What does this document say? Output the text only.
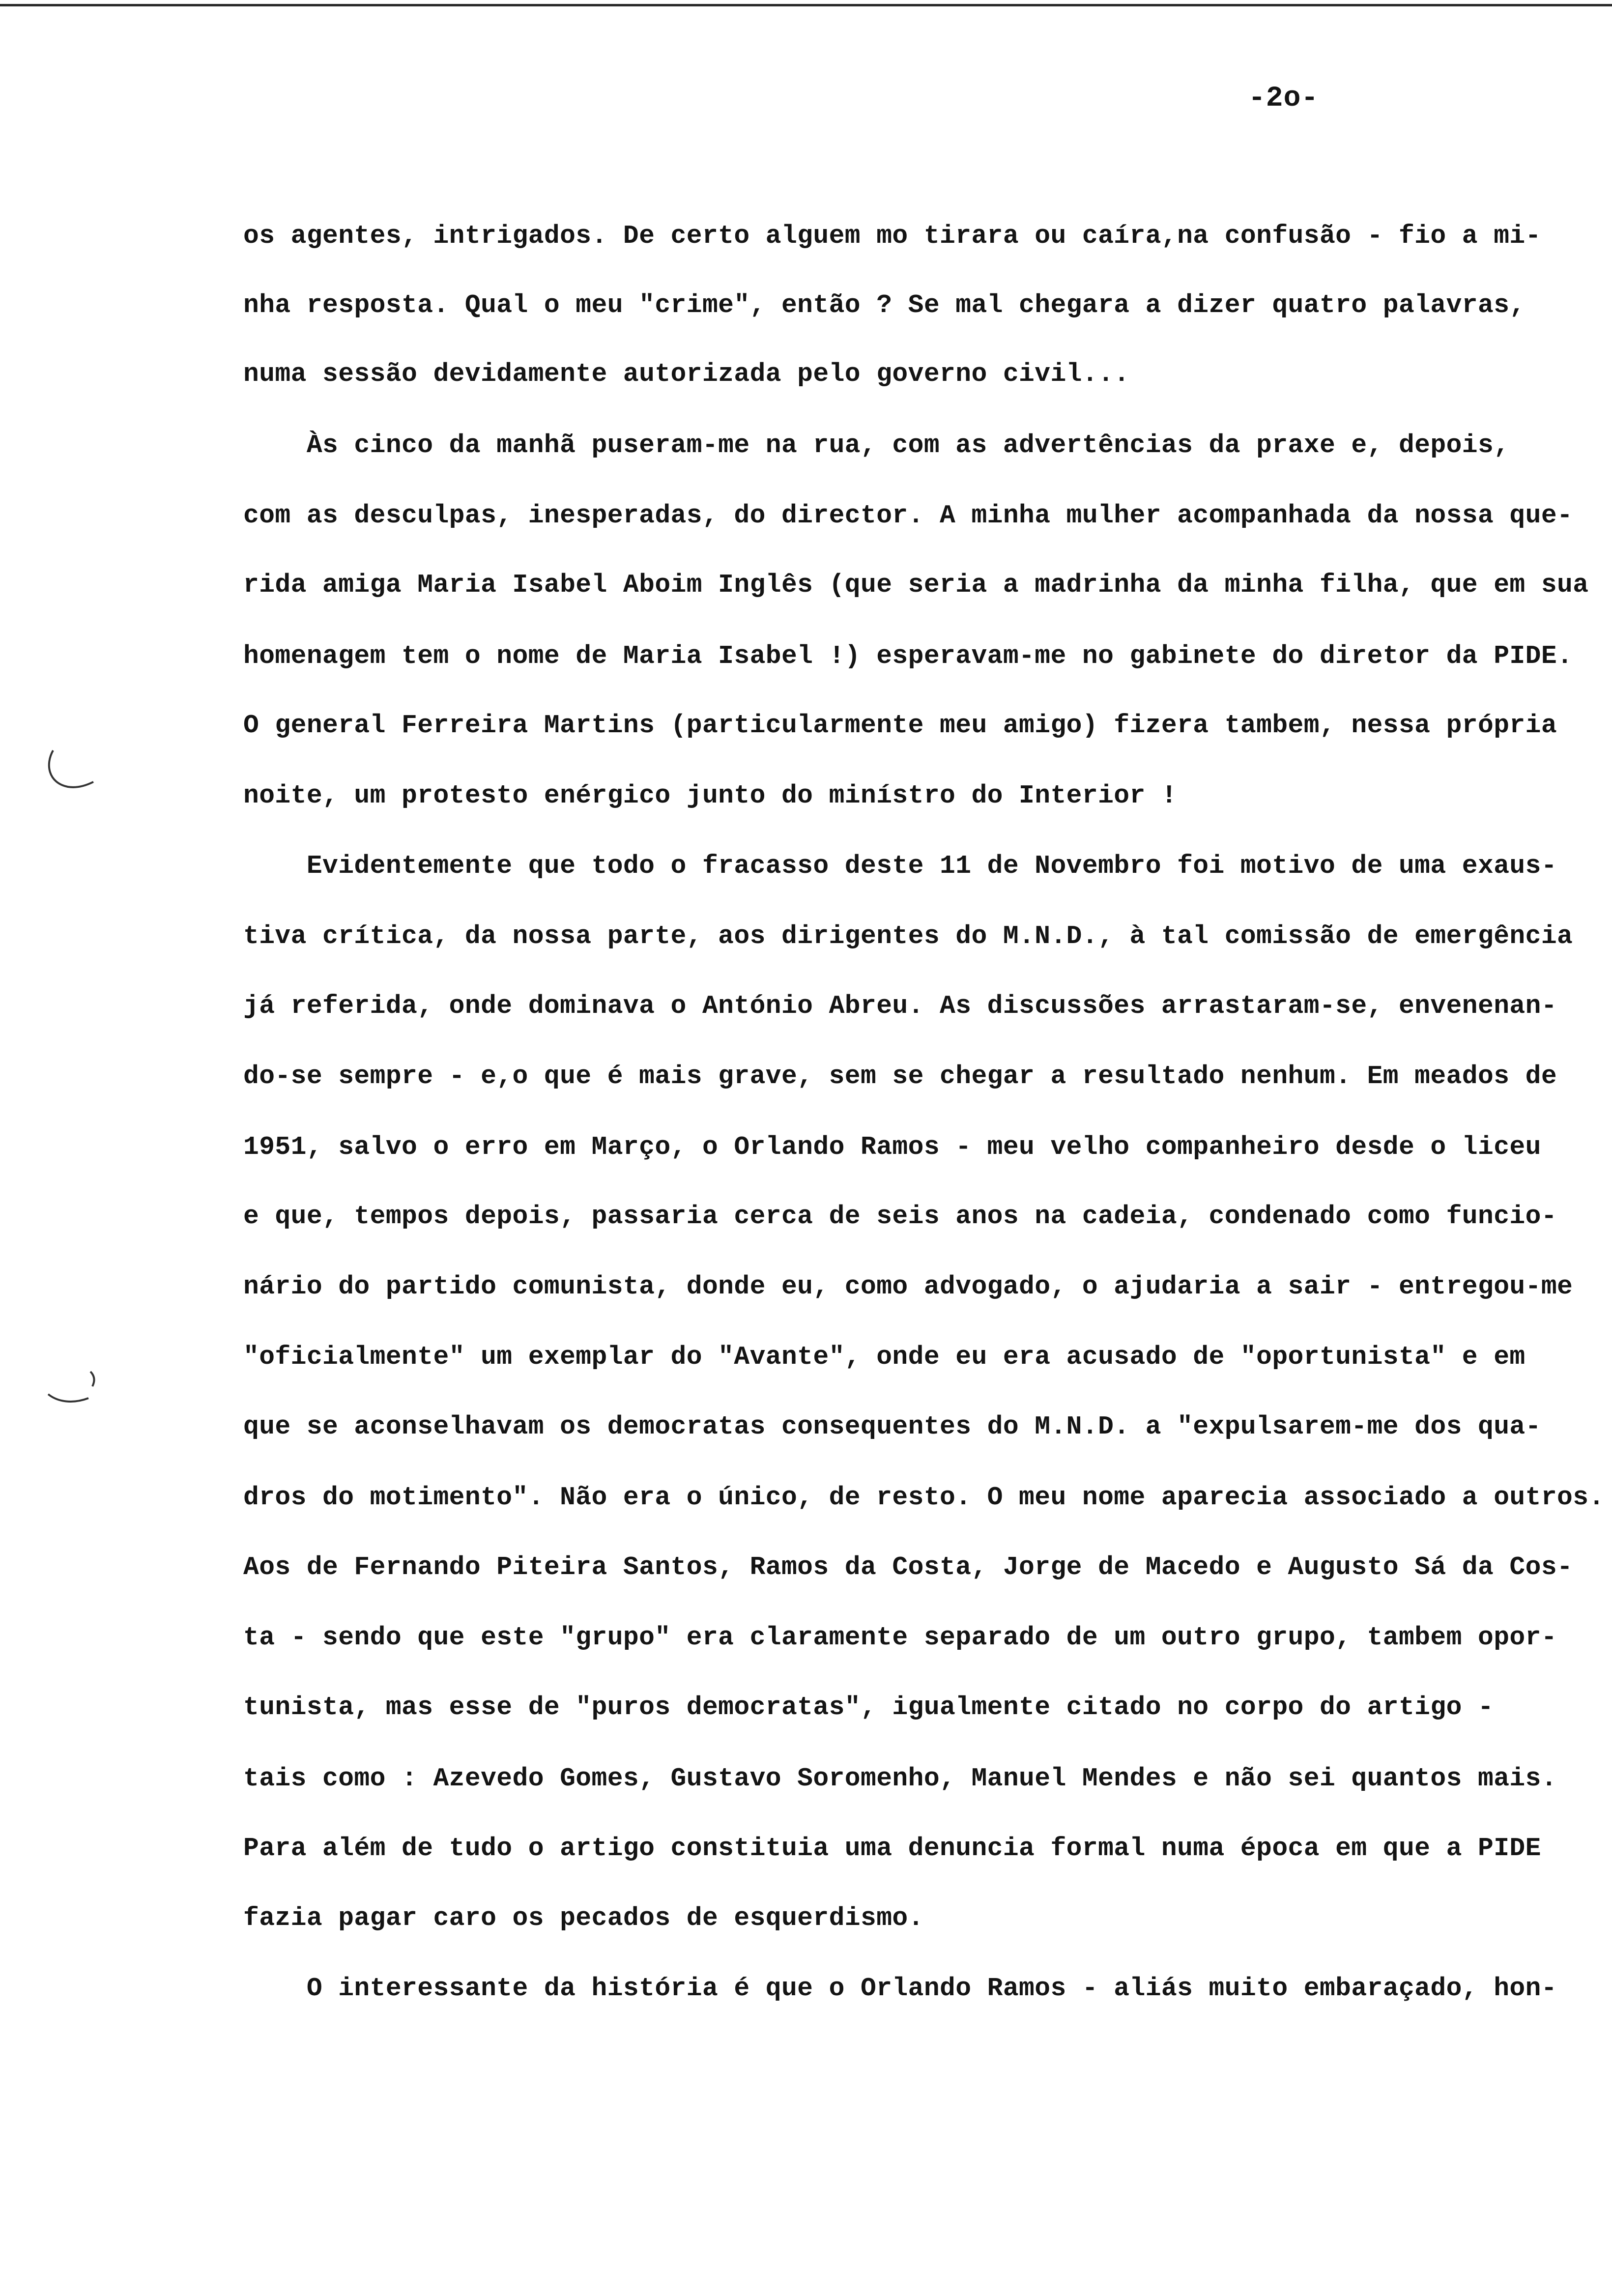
-2o-
os agentes, intrigados. De certo alguem mo tirara ou caíra,na confusão - fio a mi-
nha resposta. Qual o meu "crime", então ? Se mal chegara a dizer quatro palavras,
numa sessão devidamente autorizada pelo governo civil...
Às cinco da manhã puseram-me na rua, com as advertências da praxe e, depois,
com as desculpas, inesperadas, do director. A minha mulher acompanhada da nossa que-
rida amiga Maria Isabel Aboim Inglês (que seria a madrinha da minha filha, que em sua
homenagem tem o nome de Maria Isabel !) esperavam-me no gabinete do diretor da PIDE.
O general Ferreira Martins (particularmente meu amigo) fizera tambem, nessa própria
noite, um protesto enérgico junto do minístro do Interior !
Evidentemente que todo o fracasso deste 11 de Novembro foi motivo de uma exaus-
tiva crítica, da nossa parte, aos dirigentes do M.N.D., à tal comissão de emergência
já referida, onde dominava o António Abreu. As discussões arrastaram-se, envenenan-
do-se sempre - e,o que é mais grave, sem se chegar a resultado nenhum. Em meados de
1951, salvo o erro em Março, o Orlando Ramos - meu velho companheiro desde o liceu
e que, tempos depois, passaria cerca de seis anos na cadeia, condenado como funcio-
nário do partido comunista, donde eu, como advogado, o ajudaria a sair - entregou-me
"oficialmente" um exemplar do "Avante", onde eu era acusado de "oportunista" e em
que se aconselhavam os democratas consequentes do M.N.D. a "expulsarem-me dos qua-
dros do motimento". Não era o único, de resto. O meu nome aparecia associado a outros.
Aos de Fernando Piteira Santos, Ramos da Costa, Jorge de Macedo e Augusto Sá da Cos-
ta - sendo que este "grupo" era claramente separado de um outro grupo, tambem opor-
tunista, mas esse de "puros democratas", igualmente citado no corpo do artigo -
tais como : Azevedo Gomes, Gustavo Soromenho, Manuel Mendes e não sei quantos mais.
Para além de tudo o artigo constituia uma denuncia formal numa época em que a PIDE
fazia pagar caro os pecados de esquerdismo.
O interessante da história é que o Orlando Ramos - aliás muito embaraçado, hon-
